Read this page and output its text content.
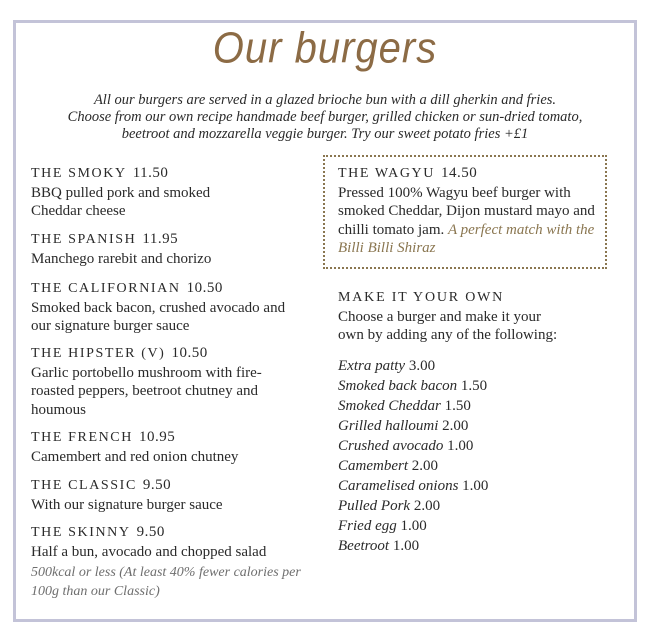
Our burgers
All our burgers are served in a glazed brioche bun with a dill gherkin and fries.
Choose from our own recipe handmade beef burger, grilled chicken or sun-dried tomato,
beetroot and mozzarella veggie burger. Try our sweet potato fries +£1
THE SMOKY 11.50
BBQ pulled pork and smoked Cheddar cheese
THE SPANISH 11.95
Manchego rarebit and chorizo
THE CALIFORNIAN 10.50
Smoked back bacon, crushed avocado and our signature burger sauce
THE HIPSTER (V) 10.50
Garlic portobello mushroom with fire-roasted peppers, beetroot chutney and houmous
THE FRENCH 10.95
Camembert and red onion chutney
THE CLASSIC 9.50
With our signature burger sauce
THE SKINNY 9.50
Half a bun, avocado and chopped salad
500kcal or less (At least 40% fewer calories per 100g than our Classic)
THE WAGYU 14.50
Pressed 100% Wagyu beef burger with smoked Cheddar, Dijon mustard mayo and chilli tomato jam. A perfect match with the Billi Billi Shiraz
MAKE IT YOUR OWN
Choose a burger and make it your own by adding any of the following:
Extra patty 3.00
Smoked back bacon 1.50
Smoked Cheddar 1.50
Grilled halloumi 2.00
Crushed avocado 1.00
Camembert 2.00
Caramelised onions 1.00
Pulled Pork 2.00
Fried egg 1.00
Beetroot 1.00
